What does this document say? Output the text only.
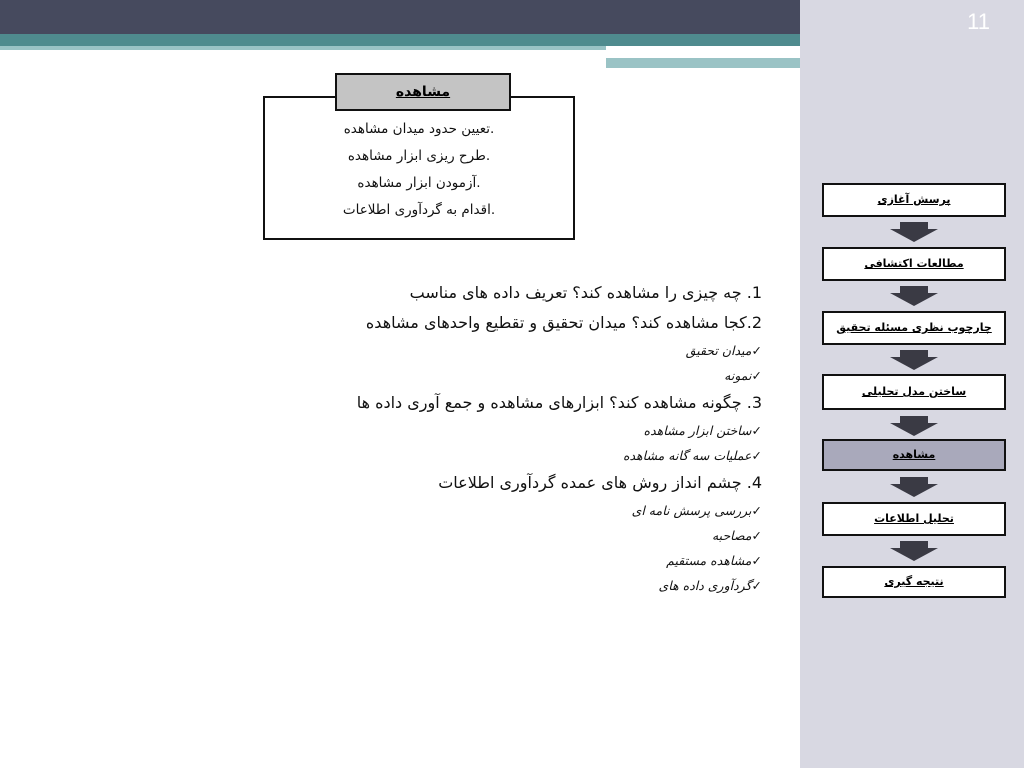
11
مشاهده
.تعیین حدود میدان مشاهده
.طرح ریزی ابزار مشاهده
.آزمودن ابزار مشاهده
.اقدام به گردآوری اطلاعات
1. چه چیزی را مشاهده کند؟ تعریف داده های مناسب
2.کجا مشاهده کند؟ میدان تحقیق و تقطیع واحدهای مشاهده
✓میدان تحقیق
✓نمونه
3. چگونه مشاهده کند؟ ابزارهای مشاهده و جمع آوری داده ها
✓ساختن ابزار مشاهده
✓عملیات سه گانه مشاهده
4. چشم انداز روش های عمده گردآوری اطلاعات
✓بررسی پرسش نامه ای
✓مصاحبه
✓مشاهده مستقیم
✓گردآوری داده های
پرسش آغازی
مطالعات اکتشافی
چارچوب نظری مسئله تحقیق
ساختن مدل تحلیلی
مشاهده
تحلیل اطلاعات
نتیجه گیری
